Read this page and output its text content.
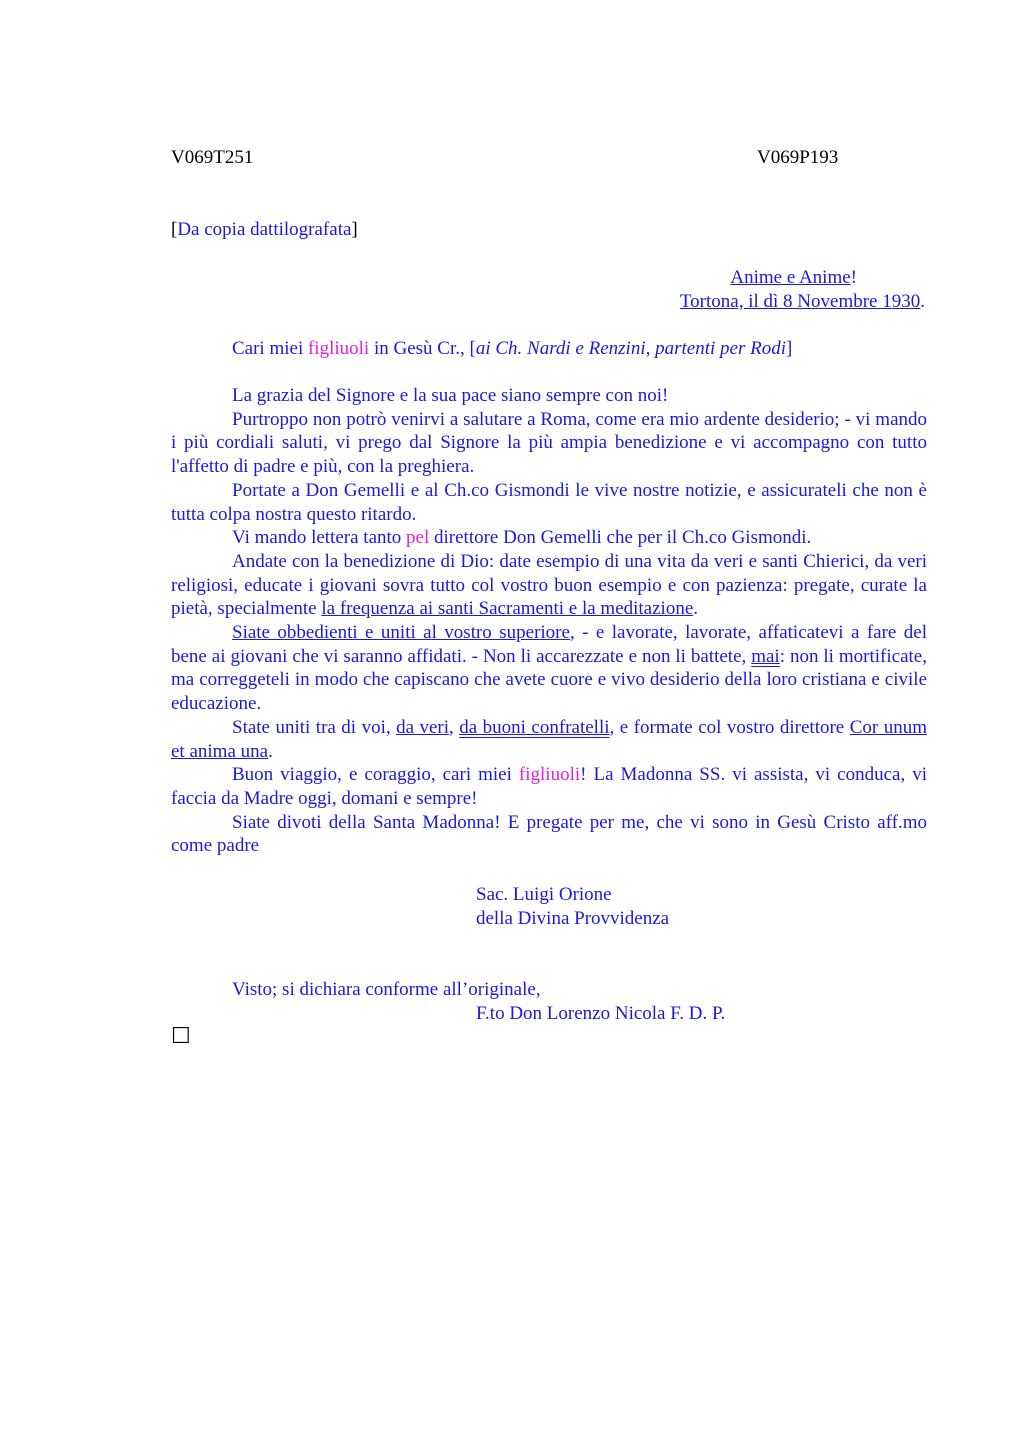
V069T251	V069P193
[Da copia dattilografata]
Anime e Anime!
Tortona, il dì 8 Novembre 1930.

Cari miei figliuoli in Gesù Cr., [ai Ch. Nardi e Renzini, partenti per Rodi]

La grazia del Signore e la sua pace siano sempre con noi!

Purtroppo non potrò venirvi a salutare a Roma, come era mio ardente desiderio; - vi mando i più cordiali saluti, vi prego dal Signore la più ampia benedizione e vi accompagno con tutto l'affetto di padre e più, con la preghiera.

Portate a Don Gemelli e al Ch.co Gismondi le vive nostre notizie, e assicurateli che non è tutta colpa nostra questo ritardo.

Vi mando lettera tanto pel direttore Don Gemelli che per il Ch.co Gismondi.

Andate con la benedizione di Dio: date esempio di una vita da veri e santi Chierici, da veri religiosi, educate i giovani sovra tutto col vostro buon esempio e con pazienza: pregate, curate la pietà, specialmente la frequenza ai santi Sacramenti e la meditazione.

Siate obbedienti e uniti al vostro superiore, - e lavorate, lavorate, affaticatevi a fare del bene ai giovani che vi saranno affidati. - Non li accarezzate e non li battete, mai: non li mortificate, ma correggeteli in modo che capiscano che avete cuore e vivo desiderio della loro cristiana e civile educazione.

State uniti tra di voi, da veri, da buoni confratelli, e formate col vostro direttore Cor unum et anima una.

Buon viaggio, e coraggio, cari miei figliuoli! La Madonna SS. vi assista, vi conduca, vi faccia da Madre oggi, domani e sempre!

Siate divoti della Santa Madonna! E pregate per me, che vi sono in Gesù Cristo aff.mo come padre

Sac. Luigi Orione
della Divina Provvidenza

Visto; si dichiara conforme all’originale,

F.to Don Lorenzo Nicola F. D. P.

☐
